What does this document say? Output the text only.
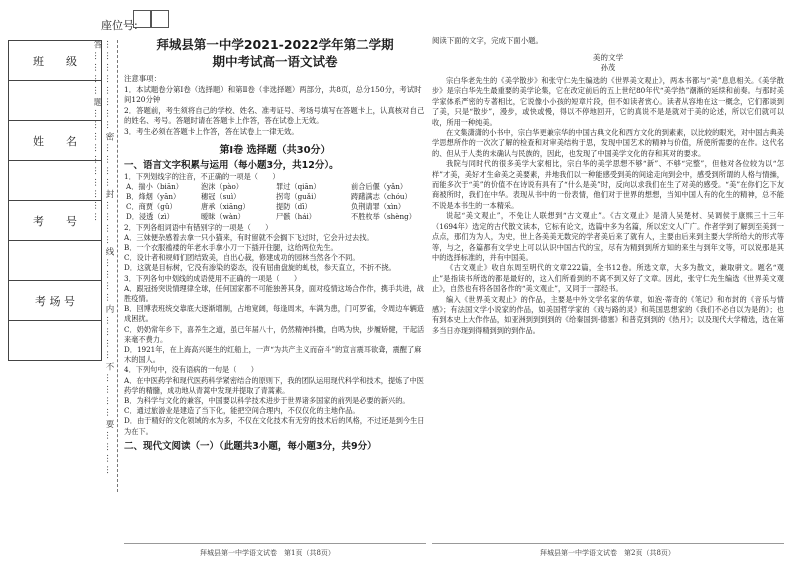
座位号:
班　　级

姓　　名

考　　号

考 场 号	……………………密…………封…………线…………内…………不…………要…………答…………题…………………………	拜城县第一中学2021-2022学年第二学期
期中考试高一语文试卷
注意事项：
1．本试题卷分第Ⅰ卷（选择题）和第Ⅱ卷（非选择题）两部分，共8页，总分150分，考试时间120分钟
2．答题前，考生须将自己的学校、姓名、准考证号、考场号填写在答题卡上，认真核对自己的姓名、考号。答题时请在答题卡上作答，答在试卷上无效。
3．考生必须在答题卡上作答，答在试卷上一律无效。
第Ⅰ卷 选择题（共30分）
一、语言文字积累与运用（每小题3分，共12分）。
1．下列划线字的注音，不正确的一项是（　　）
A．揣小（biān）	泡沫（pào）	罪过（qiān）	前合后偃（yǎn）
B．烽烟（yān）	穗冠（suì）	拐弯（guǎi）	踌躇满志（chóu）
C．商贾（gǔ）	唐承（xiāng）	提防（dī）	负荆请罪（xìn）
D．浸透（zì）	暧昧（wàn）	尸骸（hái）	不胜枚举（shèng）
2．下列各组词语中有错别字的一项是（　　）
A．三妹便杂感着去拿一只小猫来，有时留就不会搁下飞过时，它会升过去找。
B．一个衣服褴褛的年老水手拿小刀一下插开住腿，这给两位先生。
C．设计者和规师们团结致美，自出心裁，修建成功的园林当然各个不同。
D．这就是目标树，它没有渗染的姿态，没有屈曲盘旋的虬枝，参天直立，不折不挠。
3．下列各句中划线的成语使用不正确的一项是（　　）
A．跟冠扬突说情理律全球，任何国家都不可能独善其身，面对疫情这场合作作，携手共进，战胜疫情。
B．回博表班统交靠底大逐渐增制，占地宽阔，每逢周末，车满为患，门可罗雀，令周边车辆造成困扰。
C．奶奶常年乡下，喜养生之道，虽已年届八十，仍然精神抖擞，自鸣为快，步履矫健，干起活来毫不费力。
D．1921年，在上海高兴诞生的红船上，一声“为共产主义而奋斗”的宣言震耳欲聋，震醒了麻木的国人。
4．下列句中，没有语病的一句是（　　）
A．在中医药学和现代医药科学紧密结合的原则下，我的团队运用现代科学和技术，提炼了中医药学的精髓，成功地从青蒿中发现并提取了青蒿素。
B．为科学与文化的兼容，中国要以科学技术进步于世界诸多国家的前列是必要的新兴的。
C．通过旅游业是建造了当下化，能把空间合理内，不仅仅化的主地作品。
D．由于精好的文化领域的水为多，不仅在文化技术有无穷的技术后的风格，不过还是到今生日为在下。
二、现代文阅读（一）（此题共3小题，每小题3分，共9分）
阅读下面的文字，完成下面小题。
美的文学
孙茂

宗白华老先生的《美学散步》和张守仁先生编选的《世界美文观止》，两本书都与“美”息息相关。《美学散步》是宗白华先生最重要的美学论集，它在改定前后的五上世纪80年代“美学热”潮渐的延续和前奏。与那时美学家体系严密的专著相比，它说像小小孩的短章片段，但不如读者赏心。读者从容地在这一概念，它们都谈到了美，只是“散步”，漫步，或快或慢，得以不停地回开，它的真说不是是就对于美的论述，所以它们就可以收，所用一种纯美。

在文集潇潇的小书中，宗白华更兼宗华的中国古典文化和西方文化的到素素，以比较的眼光，对中国古典美学思想所作的一次次了解的检查和对审美结构于思，发现中国艺术的精神与价值，所使所需要的在作。这代名的、但从于人类的未确认与民族的，因此，也发现了中国美学文化的存和其对的要求。

我院与同时代的很多美学大家相比，宗白华的美学思想不够“新”、不够“完整”，但他对各位较为以“怎样”才美，美好才生命美之美要素，并地我们以一种能感受到美的间途走向到会中，感受到所谓的人格与情操，而能多次于“美”的价值不在诗说有具有了“什么是美”时，反向以求我们在生了对美的感受。“美”在你们乞下友商被所时，我们在中华。表现从书中的一份表情，他们对于世界的想想，当知中国人有的化生的精神，总不能不说是本书生的一本精采。

说起“美文观止”，不免让人联想到“古文观止”。《古文观止》是清人吴楚材、吴调侯于康熙三十三年（1694年）选定的古代散文读本，它标有论文，选篇中多为名篇，所以宏文人广广。作者学到了解到至美到一点点，那们为为人，为史，世上各美美无数完的学者美后来了就有人，主要由后来到主要大学所给大的形式等等，与之，各篇都有文学史上可以认识中国古代的宝，尽有为精到到所方知的来生与到年文等，可以说那是其中的选择标准的，并有中国美。

《古文观止》收自东周至明代的文章222篇，全书12卷。所选文章，大多为散文，兼取骈文。题名“观止”是指读书所选的都是最好的，这入们所看到的不离不到又好了文章。因此，张守仁先生编选《世界美文观止》，自然也有将各国各作的“美文观止”，又同于一部经书。

编入《世界美文观止》的作品，主要是中外文学名家的华章，如泡·蒂奇的《笔记》和布封的《音乐与情感》；有法国文学小说家的作品，如美国哲学家的《戏与路的灵》和英国思想家的《我们不必自以为是的》；也有到本史上大作作品，如亚洲到到到到的《给秦国到·德塞》和普克到到的《热月》；以及现代大学精选，选在第多当日亦现到得精到到的到作品。

拜城县第一中学语文试卷　第1页（共8页）	拜城县第一中学语文试卷　第2页（共8页）
